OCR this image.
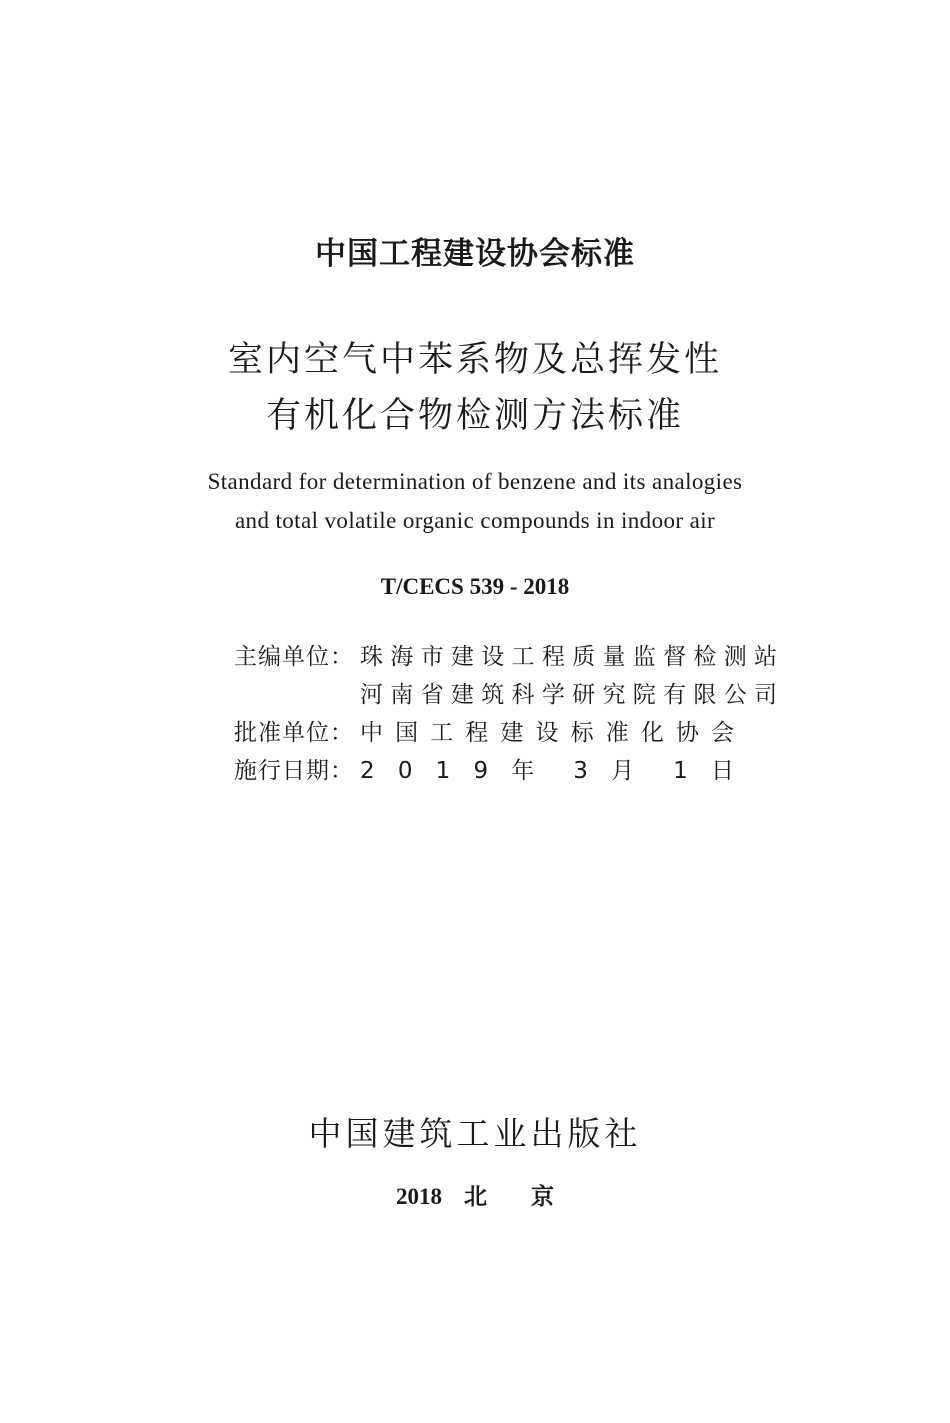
中国工程建设协会标准
室内空气中苯系物及总挥发性
有机化合物检测方法标准
Standard for determination of benzene and its analogies
and total volatile organic compounds in indoor air
T/CECS 539 - 2018
主编单位： 珠 海 市 建 设 工 程 质 量 监 督 检 测 站
河 南 省 建 筑 科 学 研 究 院 有 限 公 司
批准单位： 中 国 工 程 建 设 标 准 化 协 会
施行日期： 2 0 1 9 年 3 月 1 日
中国建筑工业出版社
2018 北京
